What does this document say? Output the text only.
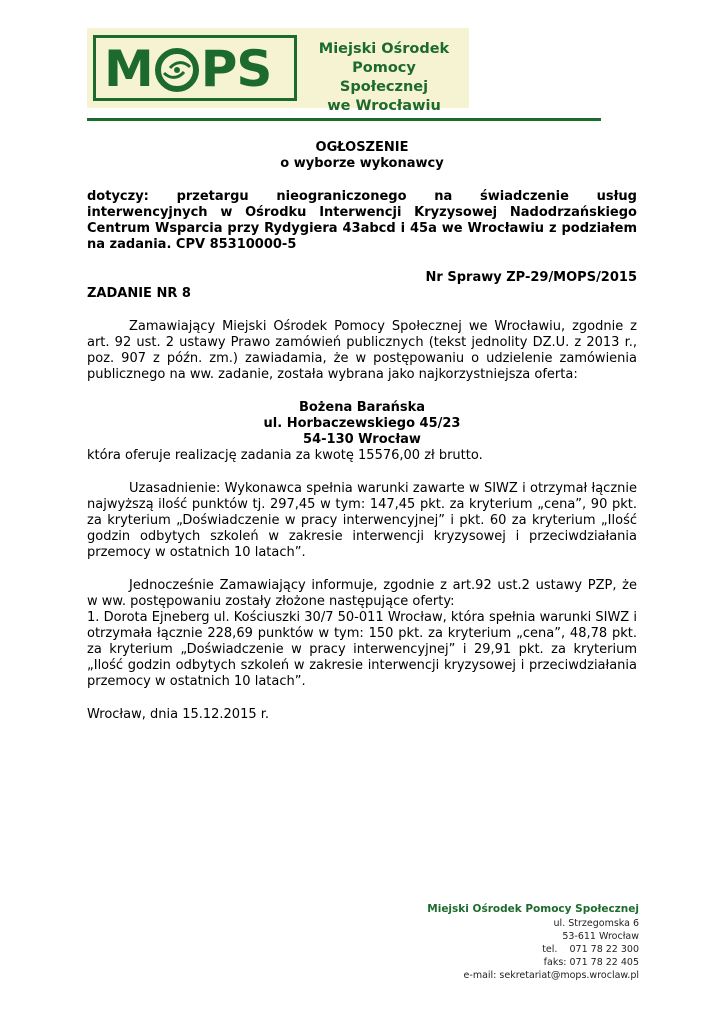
M PS	Miejski Ośrodek
Pomocy Społecznej
we Wrocławiu

OGŁOSZENIE

o wyborze wykonawcy

dotyczy: przetargu nieograniczonego na świadczenie usług interwencyjnych w Ośrodku Interwencji Kryzysowej Nadodrzańskiego Centrum Wsparcia przy Rydygiera 43abcd i 45a we Wrocławiu z podziałem na zadania. CPV 85310000-5

Nr Sprawy ZP-29/MOPS/2015

ZADANIE NR 8

Zamawiający Miejski Ośrodek Pomocy Społecznej we Wrocławiu, zgodnie z art. 92 ust. 2 ustawy Prawo zamówień publicznych (tekst jednolity DZ.U. z 2013 r., poz. 907 z późn. zm.) zawiadamia, że w postępowaniu o udzielenie zamówienia publicznego na ww. zadanie, została wybrana jako najkorzystniejsza oferta:

Bożena Barańska

ul. Horbaczewskiego 45/23

54-130 Wrocław

która oferuje realizację zadania za kwotę 15576,00 zł brutto.

Uzasadnienie: Wykonawca spełnia warunki zawarte w SIWZ i otrzymał łącznie najwyższą ilość punktów tj. 297,45 w tym: 147,45 pkt. za kryterium „cena”, 90 pkt. za kryterium „Doświadczenie w pracy interwencyjnej” i pkt. 60 za kryterium „Ilość godzin odbytych szkoleń w zakresie interwencji kryzysowej i przeciwdziałania przemocy w ostatnich 10 latach”.

Jednocześnie Zamawiający informuje, zgodnie z art.92 ust.2 ustawy PZP, że w ww. postępowaniu zostały złożone następujące oferty:

1. Dorota Ejneberg ul. Kościuszki 30/7 50-011 Wrocław, która spełnia warunki SIWZ i otrzymała łącznie 228,69 punktów w tym: 150 pkt. za kryterium „cena”, 48,78 pkt. za kryterium „Doświadczenie w pracy interwencyjnej” i 29,91 pkt. za kryterium „Ilość godzin odbytych szkoleń w zakresie interwencji kryzysowej i przeciwdziałania przemocy w ostatnich 10 latach”.

Wrocław, dnia 15.12.2015 r.

Miejski Ośrodek Pomocy Społecznej
ul. Strzegomska 6
53-611 Wrocław
tel.    071 78 22 300
faks: 071 78 22 405
e-mail: sekretariat@mops.wroclaw.pl
